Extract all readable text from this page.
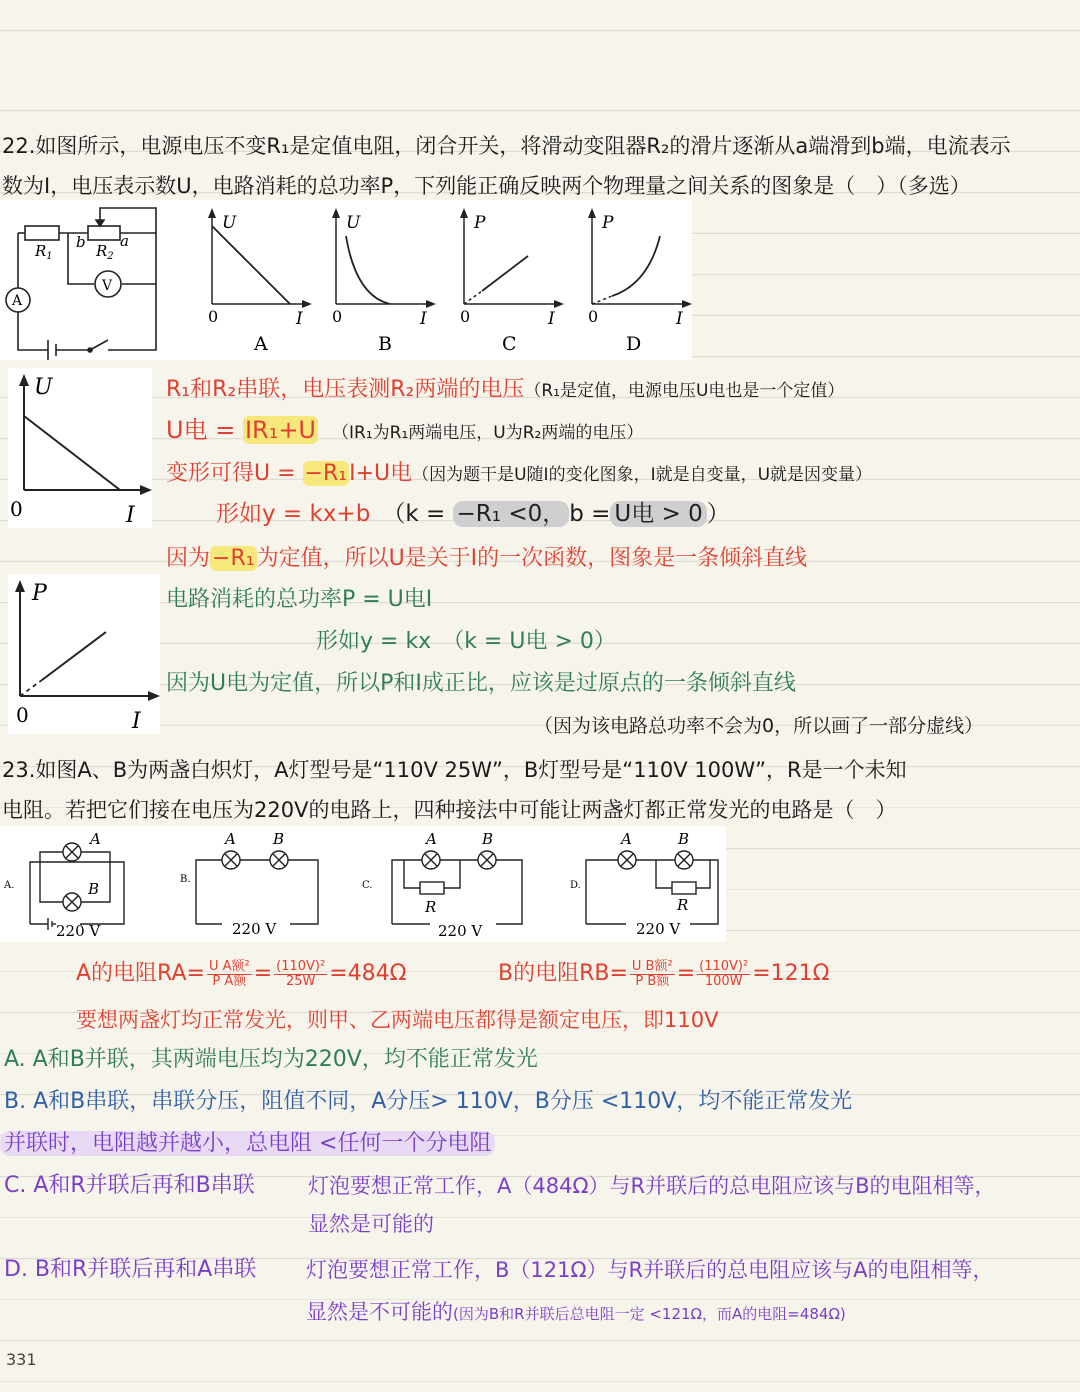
22.如图所示，电源电压不变R₁是定值电阻，闭合开关，将滑动变阻器R₂的滑片逐渐从a端滑到b端，电流表示
数为I，电压表示数U，电路消耗的总功率P，下列能正确反映两个物理量之间关系的图象是（　）（多选）
$R_1$	$R_2$
a
b
V
A
U
I
0
A
U
I
0
B
P
I
0
C
P
I
0
D
U
I
0
P
I
0
R₁和R₂串联，电压表测R₂两端的电压（R₁是定值，电源电压U电也是一个定值）
U电 = IR₁+U （IR₁为R₁两端电压，U为R₂两端的电压）
变形可得U = −R₁I+U电（因为题干是U随I的变化图象，I就是自变量，U就是因变量）
形如y = kx+b （k = −R₁ <0， b = U电 > 0 ）
因为−R₁为定值，所以U是关于I的一次函数，图象是一条倾斜直线
电路消耗的总功率P = U电I
形如y = kx　（k = U电 > 0）
因为U电为定值，所以P和I成正比，应该是过原点的一条倾斜直线
（因为该电路总功率不会为0，所以画了一部分虚线）
23.如图A、B为两盏白炽灯，A灯型号是“110V 25W”，B灯型号是“110V 100W”，R是一个未知
电阻。若把它们接在电压为220V的电路上，四种接法中可能让两盏灯都正常发光的电路是（　）
A.
A
B
220 V
B.
A B
220 V
C.
A	B
R
220 V
D.
A	B
R
220 V
A的电阻$RA= \frac{\text{U A额²}}{\text{P A额}} = \frac{\text{(110V)²}}{25W} =484\Omega$	B的电阻$RB= \frac{\text{U B额²}}{\text{P B额}} = \frac{\text{(110V)²}}{100W} =121\Omega$
要想两盏灯均正常发光，则甲、乙两端电压都得是额定电压，即110V
A. A和B并联，其两端电压均为220V，均不能正常发光
B. A和B串联，串联分压，阻值不同，A分压> 110V，B分压 <110V，均不能正常发光
并联时，电阻越并越小，总电阻 <任何一个分电阻
C. A和R并联后再和B串联	灯泡要想正常工作，A（484Ω）与R并联后的总电阻应该与B的电阻相等，
显然是可能的
D. B和R并联后再和A串联 灯泡要想正常工作，B（121Ω）与R并联后的总电阻应该与A的电阻相等，
显然是不可能的(因为B和R并联后总电阻一定 <121Ω，而A的电阻=484Ω)
331
